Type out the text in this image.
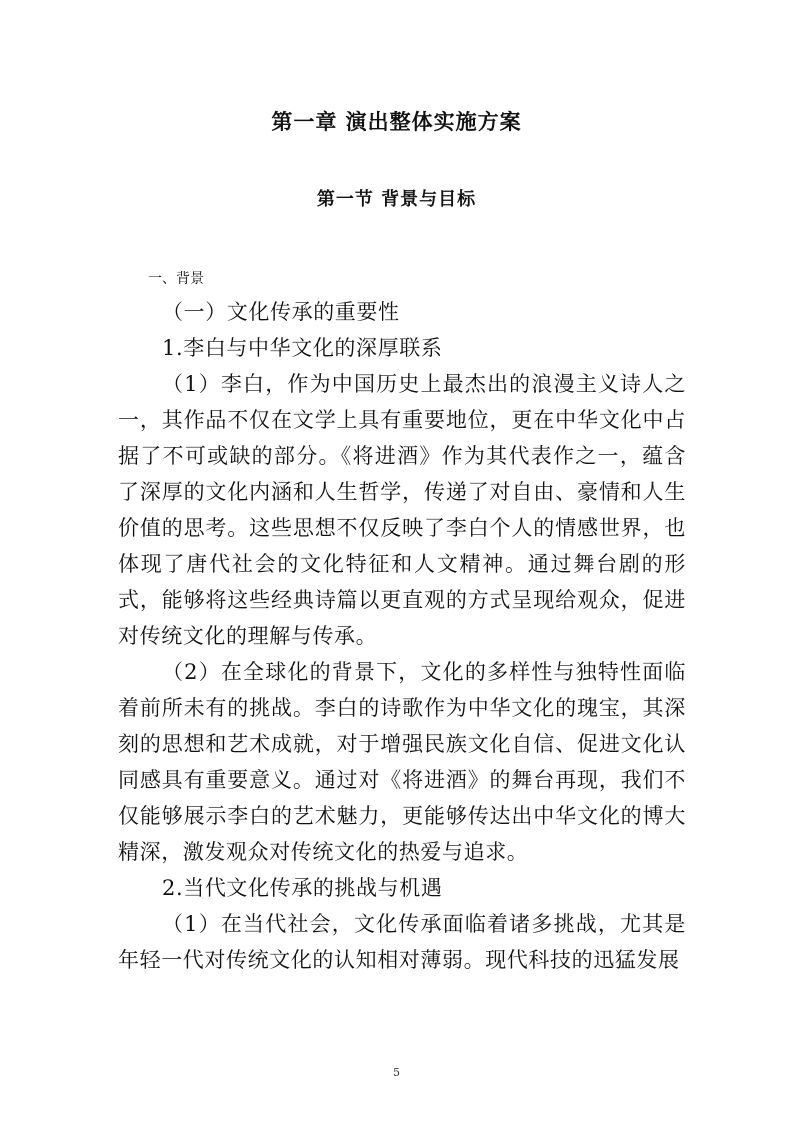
第一章 演出整体实施方案
第一节 背景与目标
一、背景

（一）文化传承的重要性

1.李白与中华文化的深厚联系

（1）李白，作为中国历史上最杰出的浪漫主义诗人之一，其作品不仅在文学上具有重要地位，更在中华文化中占据了不可或缺的部分。《将进酒》作为其代表作之一，蕴含了深厚的文化内涵和人生哲学，传递了对自由、豪情和人生价值的思考。这些思想不仅反映了李白个人的情感世界，也体现了唐代社会的文化特征和人文精神。通过舞台剧的形式，能够将这些经典诗篇以更直观的方式呈现给观众，促进对传统文化的理解与传承。

（2）在全球化的背景下，文化的多样性与独特性面临着前所未有的挑战。李白的诗歌作为中华文化的瑰宝，其深刻的思想和艺术成就，对于增强民族文化自信、促进文化认同感具有重要意义。通过对《将进酒》的舞台再现，我们不仅能够展示李白的艺术魅力，更能够传达出中华文化的博大精深，激发观众对传统文化的热爱与追求。

2.当代文化传承的挑战与机遇

（1）在当代社会，文化传承面临着诸多挑战，尤其是年轻一代对传统文化的认知相对薄弱。现代科技的迅猛发展

5
